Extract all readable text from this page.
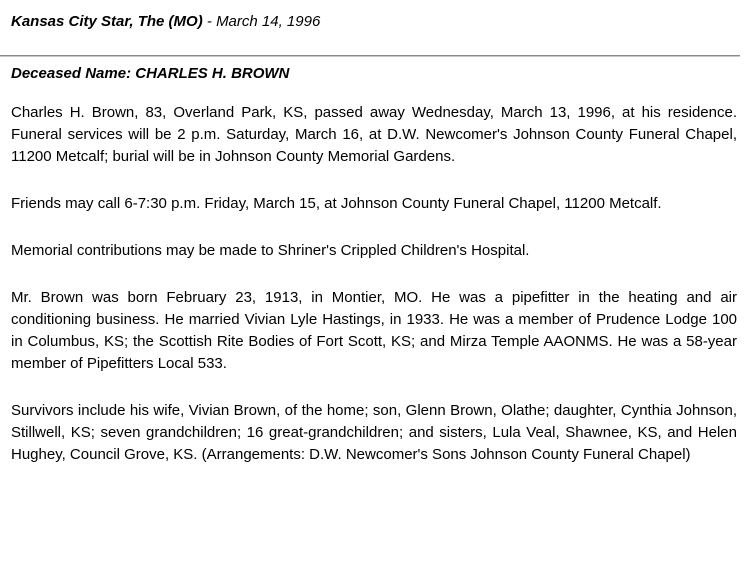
Kansas City Star, The (MO) - March 14, 1996
Deceased Name: CHARLES H. BROWN

Charles H. Brown, 83, Overland Park, KS, passed away Wednesday, March 13, 1996, at his residence. Funeral services will be 2 p.m. Saturday, March 16, at D.W. Newcomer's Johnson County Funeral Chapel, 11200 Metcalf; burial will be in Johnson County Memorial Gardens.

Friends may call 6-7:30 p.m. Friday, March 15, at Johnson County Funeral Chapel, 11200 Metcalf.

Memorial contributions may be made to Shriner's Crippled Children's Hospital.

Mr. Brown was born February 23, 1913, in Montier, MO. He was a pipefitter in the heating and air conditioning business. He married Vivian Lyle Hastings, in 1933. He was a member of Prudence Lodge 100 in Columbus, KS; the Scottish Rite Bodies of Fort Scott, KS; and Mirza Temple AAONMS. He was a 58-year member of Pipefitters Local 533.

Survivors include his wife, Vivian Brown, of the home; son, Glenn Brown, Olathe; daughter, Cynthia Johnson, Stillwell, KS; seven grandchildren; 16 great-grandchildren; and sisters, Lula Veal, Shawnee, KS, and Helen Hughey, Council Grove, KS. (Arrangements: D.W. Newcomer's Sons Johnson County Funeral Chapel)
